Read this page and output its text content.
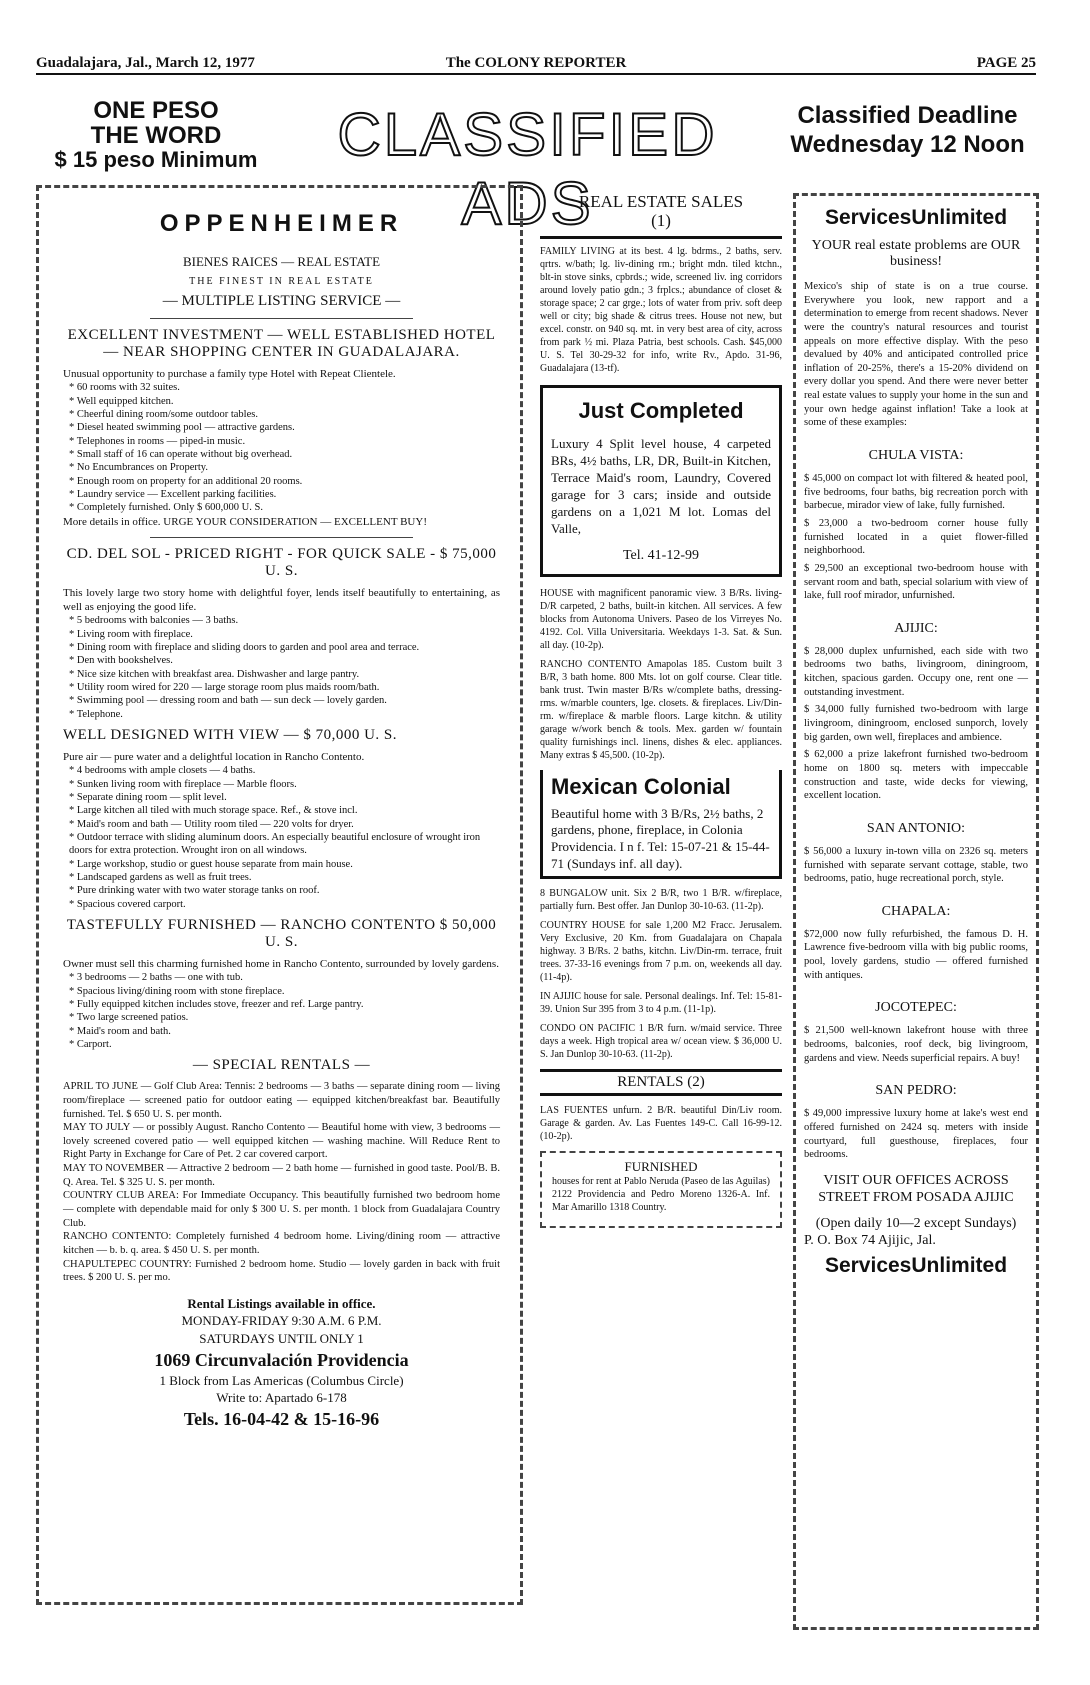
Guadalajara, Jal., March 12, 1977	The COLONY REPORTER	PAGE 25
ONE PESO
THE WORD
$ 15 peso Minimum	CLASSIFIED ADS
Classified Deadline
Wednesday 12 Noon
OPPENHEIMER
BIENES RAICES — REAL ESTATE
THE FINEST IN REAL ESTATE
— MULTIPLE LISTING SERVICE —
EXCELLENT INVESTMENT — WELL ESTABLISHED HOTEL — NEAR SHOPPING CENTER IN GUADALAJARA.

Unusual opportunity to purchase a family type Hotel with Repeat Clientele.

* 60 rooms with 32 suites.
* Well equipped kitchen.
* Cheerful dining room/some outdoor tables.
* Diesel heated swimming pool — attractive gardens.
* Telephones in rooms — piped-in music.
* Small staff of 16 can operate without big overhead.
* No Encumbrances on Property.
* Enough room on property for an additional 20 rooms.
* Laundry service — Excellent parking facilities.
* Completely furnished. Only $ 600,000 U. S.

More details in office. URGE YOUR CONSIDERATION — EXCELLENT BUY!

CD. DEL SOL - PRICED RIGHT - FOR QUICK SALE - $ 75,000 U. S.

This lovely large two story home with delightful foyer, lends itself beautifully to entertaining, as well as enjoying the good life.

* 5 bedrooms with balconies — 3 baths.
* Living room with fireplace.
* Dining room with fireplace and sliding doors to garden and pool area and terrace.
* Den with bookshelves.
* Nice size kitchen with breakfast area. Dishwasher and large pantry.
* Utility room wired for 220 — large storage room plus maids room/bath.
* Swimming pool — dressing room and bath — sun deck — lovely garden.
* Telephone.
WELL DESIGNED WITH VIEW — $ 70,000 U. S.

Pure air — pure water and a delightful location in Rancho Contento.

* 4 bedrooms with ample closets — 4 baths.
* Sunken living room with fireplace — Marble floors.
* Separate dining room — split level.
* Large kitchen all tiled with much storage space. Ref., & stove incl.
* Maid's room and bath — Utility room tiled — 220 volts for dryer.
* Outdoor terrace with sliding aluminum doors. An especially beautiful enclosure of wrought iron doors for extra protection. Wrought iron on all windows.
* Large workshop, studio or guest house separate from main house.
* Landscaped gardens as well as fruit trees.
* Pure drinking water with two water storage tanks on roof.
* Spacious covered carport.
TASTEFULLY FURNISHED — RANCHO CONTENTO $ 50,000 U. S.

Owner must sell this charming furnished home in Rancho Contento, surrounded by lovely gardens.

* 3 bedrooms — 2 baths — one with tub.
* Spacious living/dining room with stone fireplace.
* Fully equipped kitchen includes stove, freezer and ref. Large pantry.
* Two large screened patios.
* Maid's room and bath.
* Carport.
— SPECIAL RENTALS —

APRIL TO JUNE — Golf Club Area: Tennis: 2 bedrooms — 3 baths — separate dining room — living room/fireplace — screened patio for outdoor eating — equipped kitchen/breakfast bar. Beautifully furnished. Tel. $ 650 U. S. per month.

MAY TO JULY — or possibly August. Rancho Contento — Beautiful home with view, 3 bedrooms — lovely screened covered patio — well equipped kitchen — washing machine. Will Reduce Rent to Right Party in Exchange for Care of Pet. 2 car covered carport.

MAY TO NOVEMBER — Attractive 2 bedroom — 2 bath home — furnished in good taste. Pool/B. B. Q. Area. Tel. $ 325 U. S. per month.

COUNTRY CLUB AREA: For Immediate Occupancy. This beautifully furnished two bedroom home — complete with dependable maid for only $ 300 U. S. per month. 1 block from Guadalajara Country Club.

RANCHO CONTENTO: Completely furnished 4 bedroom home. Living/dining room — attractive kitchen — b. b. q. area. $ 450 U. S. per month.

CHAPULTEPEC COUNTRY: Furnished 2 bedroom home. Studio — lovely garden in back with fruit trees. $ 200 U. S. per mo.

Rental Listings available in office.
MONDAY-FRIDAY 9:30 A.M. 6 P.M.
SATURDAYS UNTIL ONLY 1
1069 Circunvalación Providencia
1 Block from Las Americas (Columbus Circle)
Write to: Apartado 6-178
Tels. 16-04-42 & 15-16-96
REAL ESTATE SALES
(1)

FAMILY LIVING at its best. 4 lg. bdrms., 2 baths, serv. qrtrs. w/bath; lg. liv-dining rm.; bright mdn. tiled ktchn., blt-in stove sinks, cpbrds.; wide, screened liv. ing corridors around lovely patio gdn.; 3 frplcs.; abundance of closet & storage space; 2 car grge.; lots of water from priv. soft deep well or city; big shade & citrus trees. House not new, but excel. constr. on 940 sq. mt. in very best area of city, across from park ½ mi. Plaza Patria, best schools. Cash. $45,000 U. S. Tel 30-29-32 for info, write Rv., Apdo. 31-96, Guadalajara (13-tf).

Just Completed
Luxury 4 Split level house, 4 carpeted BRs, 4½ baths, LR, DR, Built-in Kitchen, Terrace Maid's room, Laundry, Covered garage for 3 cars; inside and outside gardens on a 1,021 M lot. Lomas del Valle,
Tel. 41-12-99

HOUSE with magnificent panoramic view. 3 B/Rs. living-D/R carpeted, 2 baths, built-in kitchen. All services. A few blocks from Autonoma Univers. Paseo de los Virreyes No. 4192. Col. Villa Universitaria. Weekdays 1-3. Sat. & Sun. all day. (10-2p).

RANCHO CONTENTO Amapolas 185. Custom built 3 B/R, 3 bath home. 800 Mts. lot on golf course. Clear title. bank trust. Twin master B/Rs w/complete baths, dressing-rms. w/marble counters, lge. closets. & fireplaces. Liv/Din-rm. w/fireplace & marble floors. Large kitchn. & utility garage w/work bench & tools. Mex. garden w/ fountain quality furnishings incl. linens, dishes & elec. appliances. Many extras $ 45,500. (10-2p).

Mexican Colonial
Beautiful home with 3 B/Rs, 2½ baths, 2 gardens, phone, fireplace, in Colonia Providencia. I n f. Tel: 15-07-21 & 15-44-71 (Sundays inf. all day).

8 BUNGALOW unit. Six 2 B/R, two 1 B/R. w/fireplace, partially furn. Best offer. Jan Dunlop 30-10-63. (11-2p).

COUNTRY HOUSE for sale 1,200 M2 Fracc. Jerusalem. Very Exclusive, 20 Km. from Guadalajara on Chapala highway. 3 B/Rs. 2 baths, kitchn. Liv/Din-rm. terrace, fruit trees. 37-33-16 evenings from 7 p.m. on, weekends all day. (11-4p).

IN AJIJIC house for sale. Personal dealings. Inf. Tel: 15-81-39. Union Sur 395 from 3 to 4 p.m. (11-1p).

CONDO ON PACIFIC 1 B/R furn. w/maid service. Three days a week. High tropical area w/ ocean view. $ 36,000 U. S. Jan Dunlop 30-10-63. (11-2p).

RENTALS (2)

LAS FUENTES unfurn. 2 B/R. beautiful Din/Liv room. Garage & garden. Av. Las Fuentes 149-C. Call 16-99-12. (10-2p).

FURNISHED

houses for rent at Pablo Neruda (Paseo de las Aguilas) 2122 Providencia and Pedro Moreno 1326-A. Inf. Mar Amarillo 1318 Country.

ServicesUnlimited
YOUR real estate problems are OUR business!

Mexico's ship of state is on a true course. Everywhere you look, new rapport and a determination to emerge from recent shadows. Never were the country's natural resources and tourist appeals on more effective display. With the peso devalued by 40% and anticipated controlled price inflation of 20-25%, there's a 15-20% dividend on every dollar you spend. And there were never better real estate values to supply your home in the sun and your own hedge against inflation! Take a look at some of these examples:

CHULA VISTA:

$ 45,000 on compact lot with filtered & heated pool, five bedrooms, four baths, big recreation porch with barbecue, mirador view of lake, fully furnished.

$ 23,000 a two-bedroom corner house fully furnished located in a quiet flower-filled neighborhood.

$ 29,500 an exceptional two-bedroom house with servant room and bath, special solarium with view of lake, full roof mirador, unfurnished.

AJIJIC:

$ 28,000 duplex unfurnished, each side with two bedrooms two baths, livingroom, diningroom, kitchen, spacious garden. Occupy one, rent one — outstanding investment.

$ 34,000 fully furnished two-bedroom with large livingroom, diningroom, enclosed sunporch, lovely big garden, own well, fireplaces and ambience.

$ 62,000 a prize lakefront furnished two-bedroom home on 1800 sq. meters with impeccable construction and taste, wide decks for viewing, excellent location.

SAN ANTONIO:

$ 56,000 a luxury in-town villa on 2326 sq. meters furnished with separate servant cottage, stable, two bedrooms, patio, huge recreational porch, style.

CHAPALA:

$72,000 now fully refurbished, the famous D. H. Lawrence five-bedroom villa with big public rooms, pool, lovely gardens, studio — offered furnished with antiques.

JOCOTEPEC:

$ 21,500 well-known lakefront house with three bedrooms, balconies, roof deck, big livingroom, gardens and view. Needs superficial repairs. A buy!

SAN PEDRO:

$ 49,000 impressive luxury home at lake's west end offered furnished on 2424 sq. meters with inside courtyard, full guesthouse, fireplaces, four bedrooms.

VISIT OUR OFFICES ACROSS STREET FROM POSADA AJIJIC
(Open daily 10—2 except Sundays)
P. O. Box 74 Ajijic, Jal.
ServicesUnlimited
